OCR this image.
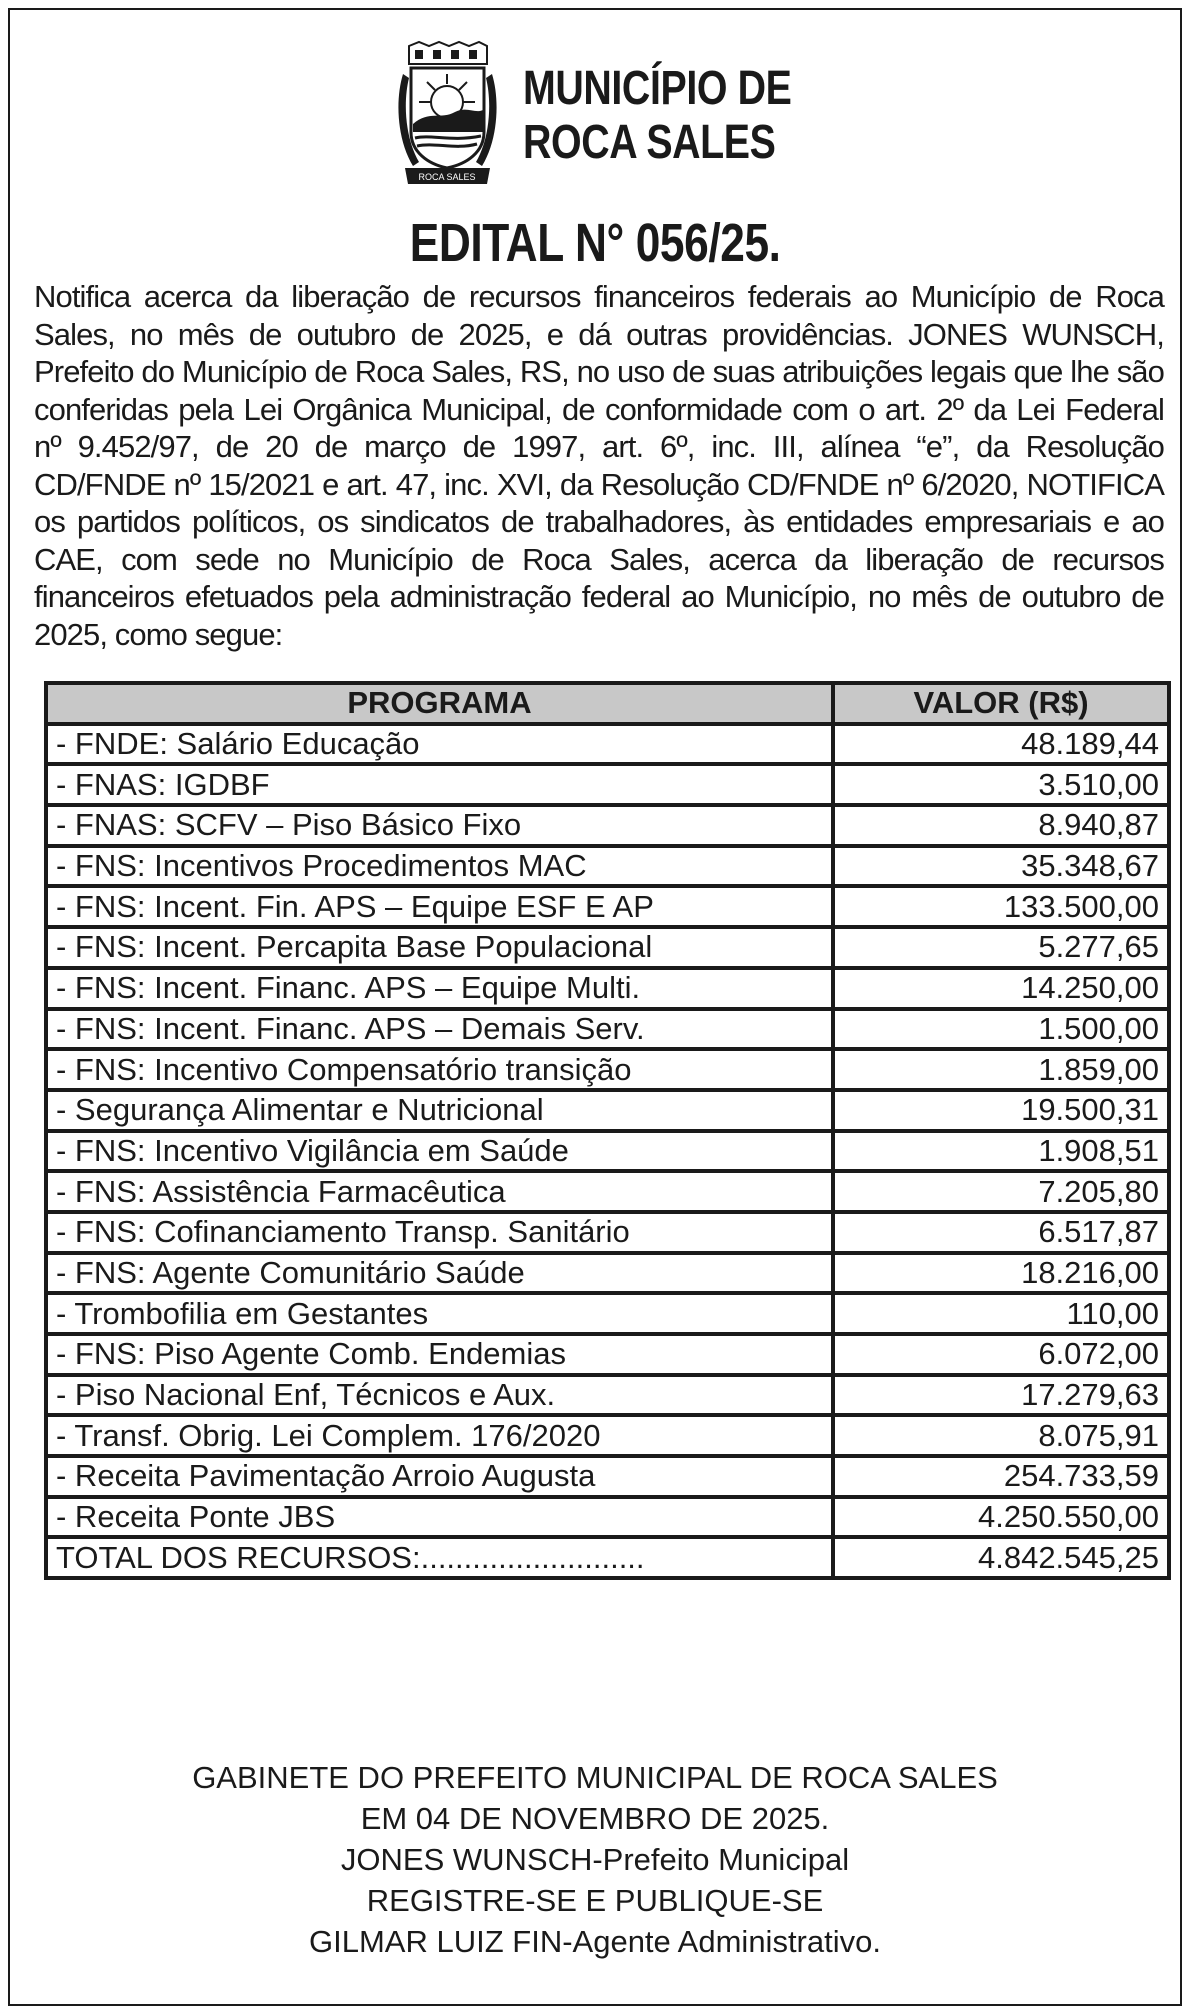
ROCA SALES
MUNICÍPIO DE
ROCA SALES
EDITAL N° 056/25.
Notifica acerca da liberação de recursos financeiros federais ao Município de Roca Sales, no mês de outubro de 2025, e dá outras providências. JONES WUNSCH, Prefeito do Município de Roca Sales, RS, no uso de suas atribuições legais que lhe são conferidas pela Lei Orgânica Municipal, de conformidade com o art. 2º da Lei Federal nº 9.452/97, de 20 de março de 1997, art. 6º, inc. III, alínea “e”, da Resolução CD/FNDE nº 15/2021 e art. 47, inc. XVI, da Resolução CD/FNDE nº 6/2020, NOTIFICA os partidos políticos, os sindicatos de trabalhadores, às entidades empresariais e ao CAE, com sede no Município de Roca Sales, acerca da liberação de recursos financeiros efetuados pela administração federal ao Município, no mês de outubro de 2025, como segue:
PROGRAMA	VALOR (R$)
- FNDE: Salário Educação	48.189,44
- FNAS: IGDBF	3.510,00
- FNAS: SCFV – Piso Básico Fixo	8.940,87
- FNS: Incentivos Procedimentos MAC	35.348,67
- FNS: Incent. Fin. APS – Equipe ESF E AP	133.500,00
- FNS: Incent. Percapita Base Populacional	5.277,65
- FNS: Incent. Financ. APS – Equipe Multi.	14.250,00
- FNS: Incent. Financ. APS – Demais Serv.	1.500,00
- FNS: Incentivo Compensatório transição	1.859,00
- Segurança Alimentar e Nutricional	19.500,31
- FNS: Incentivo Vigilância em Saúde	1.908,51
- FNS: Assistência Farmacêutica	7.205,80
- FNS: Cofinanciamento Transp. Sanitário	6.517,87
- FNS: Agente Comunitário Saúde	18.216,00
- Trombofilia em Gestantes	110,00
- FNS: Piso Agente Comb. Endemias	6.072,00
- Piso Nacional Enf, Técnicos e Aux.	17.279,63
- Transf. Obrig. Lei Complem. 176/2020	8.075,91
- Receita Pavimentação Arroio Augusta	254.733,59
- Receita Ponte JBS	4.250.550,00
TOTAL DOS RECURSOS:..........................	4.842.545,25
GABINETE DO PREFEITO MUNICIPAL DE ROCA SALES
EM 04 DE NOVEMBRO DE 2025.
JONES WUNSCH-Prefeito Municipal
REGISTRE-SE E PUBLIQUE-SE
GILMAR LUIZ FIN-Agente Administrativo.
